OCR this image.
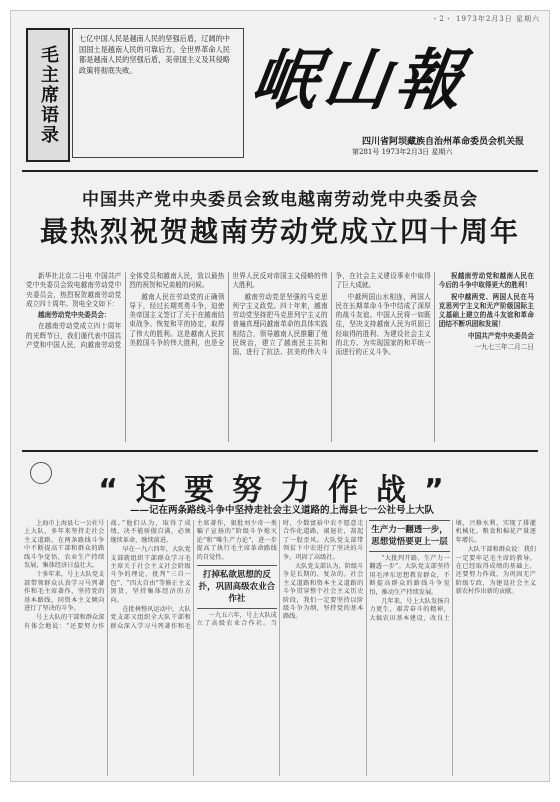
・2・ 1973年2月3日 星期六
毛
主
席
语
录
七亿中国人民是越南人民的坚强后盾，辽阔的中国国土是越南人民的可靠后方。全世界革命人民都是越南人民的坚强后盾，美帝国主义及其侵略政策将彻底失败。	岷山報
四川省阿坝藏族自治州革命委员会机关报
第281号 1973年2月3日 星期六
中国共产党中央委员会致电越南劳动党中央委员会
最热烈祝贺越南劳动党成立四十周年

新华社北京二日电 中国共产党中央委员会致电越南劳动党中央委员会，热烈祝贺越南劳动党成立四十周年。贺电全文如下：

越南劳动党中央委员会：

在越南劳动党成立四十周年的光辉节日，我们谨代表中国共产党和中国人民，向越南劳动党全体党员和越南人民，致以最热烈的祝贺和兄弟般的问候。

越南人民在劳动党的正确领导下，经过长期英勇斗争，迫使美帝国主义签订了关于在越南结束战争、恢复和平的协定，取得了伟大的胜利。这是越南人民抗美救国斗争的伟大胜利，也是全世界人民反对帝国主义侵略的伟大胜利。

越南劳动党是坚强的马克思列宁主义政党。四十年来，越南劳动党坚持把马克思列宁主义的普遍真理同越南革命的具体实践相结合，领导越南人民推翻了殖民统治，建立了越南民主共和国，进行了抗法、抗美的伟大斗争，在社会主义建设事业中取得了巨大成就。

中越两国山水相连，两国人民在长期革命斗争中结成了深厚的战斗友谊。中国人民将一如既往，坚决支持越南人民为巩固已经取得的胜利、为建设社会主义的北方、为实现国家的和平统一而进行的正义斗争。

祝越南劳动党和越南人民在今后的斗争中取得更大的胜利！

祝中越两党、两国人民在马克思列宁主义和无产阶级国际主义基础上建立的战斗友谊和革命团结不断巩固和发展！

中国共产党中央委员会

一九七三年二月二日

“还要努力作战”
——记在两条路线斗争中坚持走社会主义道路的上海县七一公社号上大队

上海市上海县七一公社号上大队，多年来坚持走社会主义道路，在两条路线斗争中不断提高干部和群众的路线斗争觉悟，农业生产持续发展，集体经济日益壮大。

十多年来，号上大队党支部带领群众认真学习马列著作和毛主席著作，坚持党的基本路线，同资本主义倾向进行了坚决的斗争。

号上大队的干部和群众深有体会地说：“还要努力作战。”他们认为，取得了成绩，决不能骄傲自满，必须继续革命，继续前进。

早在一九六四年，大队党支部就组织干部群众学习毛主席关于社会主义社会阶级斗争的理论，批判“三自一包”、“四大自由”等修正主义黑货，坚持集体经济的方向。

在批林整风运动中，大队党支部又组织全大队干部和群众深入学习马列著作和毛主席著作，狠批刘少奇一类骗子宣扬的“阶级斗争熄灭论”和“唯生产力论”，进一步提高了执行毛主席革命路线的自觉性。

打掉私欲思想的反扑，巩固高级农业合作社

一九五六年，号上大队成立了高级农业合作社。当时，少数富裕中农不愿意走合作化道路，闹退社，刮起了一股歪风。大队党支部带领贫下中农进行了坚决的斗争，巩固了高级社。

大队党支部认为，阶级斗争是长期的、复杂的。社会主义道路和资本主义道路的斗争贯穿整个社会主义历史阶段，我们一定要坚持以阶级斗争为纲，坚持党的基本路线。

生产力一翻透一步，思想觉悟要更上一层

“大批判开路，生产力一翻透一步”。大队党支部坚持用毛泽东思想教育群众，不断提高群众的路线斗争觉悟，推动生产持续发展。

几年来，号上大队发扬自力更生、艰苦奋斗的精神，大搞农田基本建设，改良土壤，兴修水利，实现了排灌机械化，粮食和棉花产量逐年增长。

大队干部和群众说：我们一定要牢记毛主席的教导，在已经取得成绩的基础上，还要努力作战，为巩固无产阶级专政，为建设社会主义新农村作出新的贡献。
